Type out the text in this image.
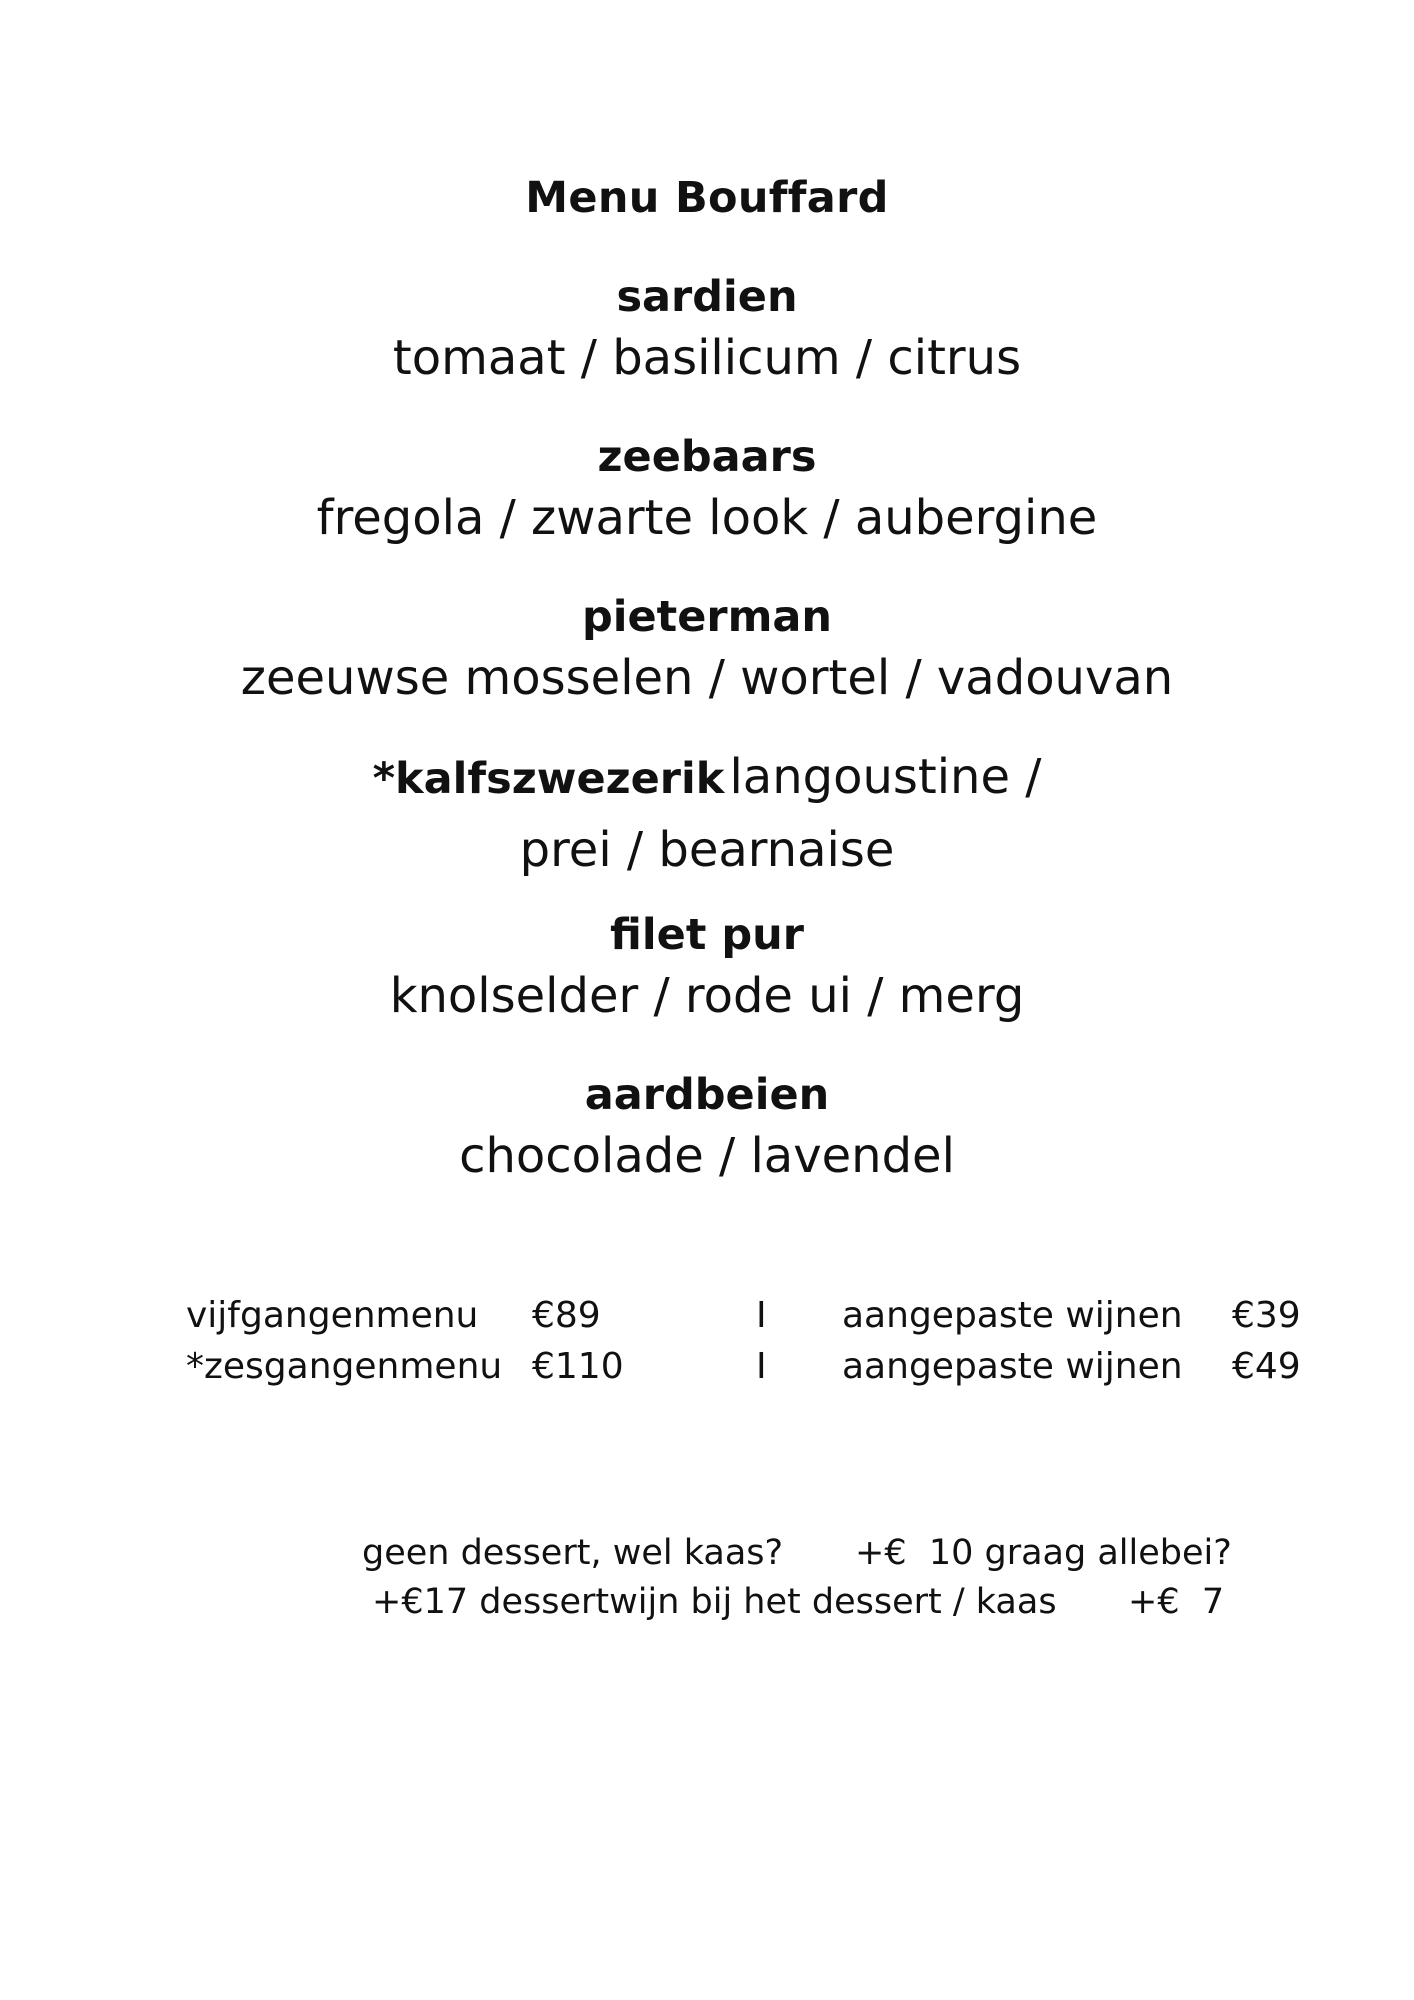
Menu Bouffard
sardien
tomaat / basilicum / citrus
zeebaars
fregola / zwarte look / aubergine
pieterman
zeeuwse mosselen / wortel / vadouvan
*kalfszwezerik langoustine /
prei / bearnaise
filet pur
knolselder / rode ui / merg
aardbeien
chocolade / lavendel
vijfgangenmenu €89	I aangepaste wijnen €39
*zesgangenmenu €110	I aangepaste wijnen €49
geen dessert, wel kaas? +€  10 graag allebei?
+€17 dessertwijn bij het dessert / kaas +€  7
